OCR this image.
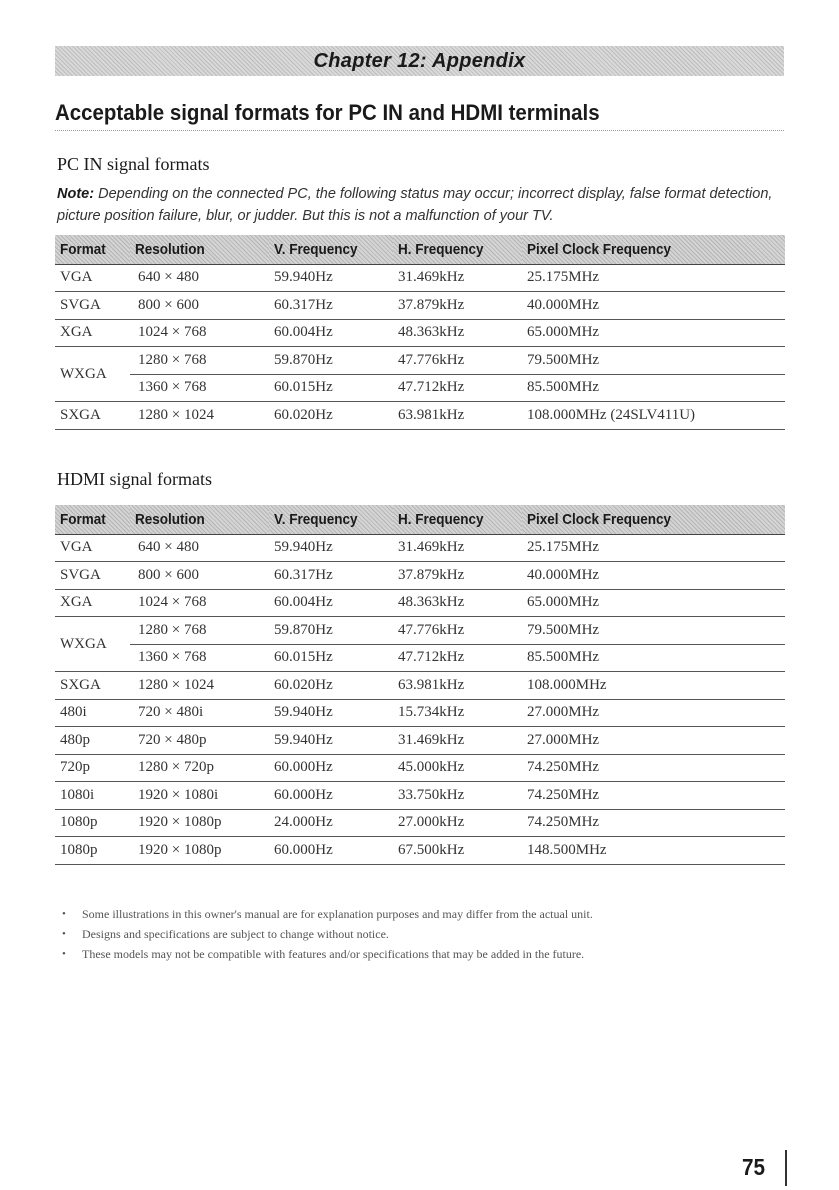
Chapter 12: Appendix
Acceptable signal formats for PC IN and HDMI terminals
PC IN signal formats

Note: Depending on the connected PC, the following status may occur; incorrect display, false format detection, picture position failure, blur, or judder. But this is not a malfunction of your TV.

Format	Resolution	V. Frequency	H. Frequency	Pixel Clock Frequency
VGA	640 × 480	59.940Hz	31.469kHz	25.175MHz
SVGA	800 × 600	60.317Hz	37.879kHz	40.000MHz
XGA	1024 × 768	60.004Hz	48.363kHz	65.000MHz
WXGA	1280 × 768	59.870Hz	47.776kHz	79.500MHz
	1360 × 768	60.015Hz	47.712kHz	85.500MHz
SXGA	1280 × 1024	60.020Hz	63.981kHz	108.000MHz (24SLV411U)
HDMI signal formats
Format	Resolution	V. Frequency	H. Frequency	Pixel Clock Frequency
VGA	640 × 480	59.940Hz	31.469kHz	25.175MHz
SVGA	800 × 600	60.317Hz	37.879kHz	40.000MHz
XGA	1024 × 768	60.004Hz	48.363kHz	65.000MHz
WXGA	1280 × 768	59.870Hz	47.776kHz	79.500MHz
	1360 × 768	60.015Hz	47.712kHz	85.500MHz
SXGA	1280 × 1024	60.020Hz	63.981kHz	108.000MHz
480i	720 × 480i	59.940Hz	15.734kHz	27.000MHz
480p	720 × 480p	59.940Hz	31.469kHz	27.000MHz
720p	1280 × 720p	60.000Hz	45.000kHz	74.250MHz
1080i	1920 × 1080i	60.000Hz	33.750kHz	74.250MHz
1080p	1920 × 1080p	24.000Hz	27.000kHz	74.250MHz
1080p	1920 × 1080p	60.000Hz	67.500kHz	148.500MHz
• Some illustrations in this owner's manual are for explanation purposes and may differ from the actual unit.
• Designs and specifications are subject to change without notice.
• These models may not be compatible with features and/or specifications that may be added in the future.
75
